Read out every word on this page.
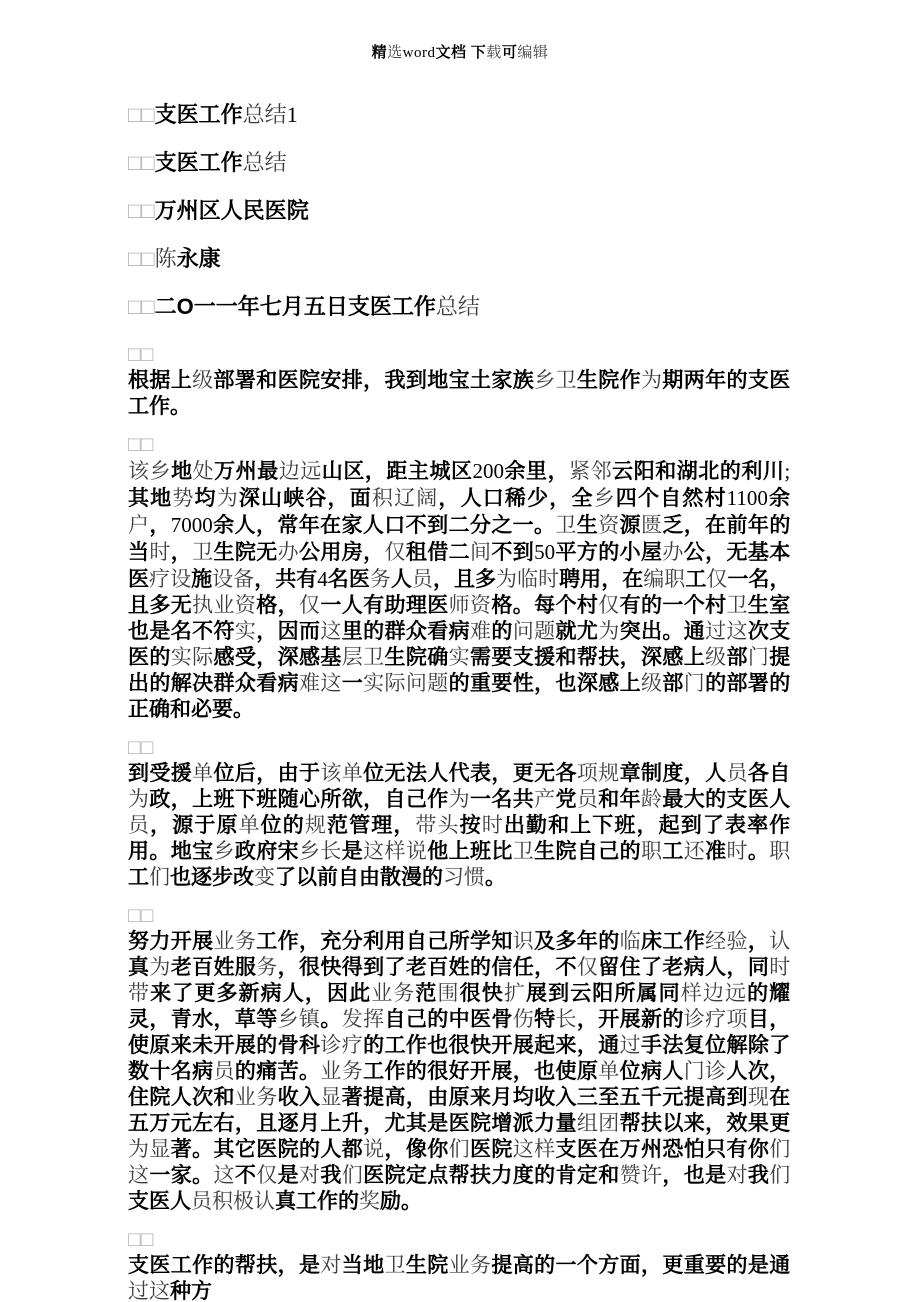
精选word文档 下载可编辑
□□支医工作总结1
□□支医工作总结
□□万州区人民医院
□□陈永康
□□二О一一年七月五日支医工作总结
□□
根据上级部署和医院安排，我到地宝土家族乡卫生院作为期两年的支医工作。
□□
该乡地处万州最边远山区，距主城区200余里，紧邻云阳和湖北的利川;其地势均为深山峡谷，面积辽阔，人口稀少，全乡四个自然村1100余户，7000余人，常年在家人口不到二分之一。卫生资源匮乏，在前年的当时，卫生院无办公用房，仅租借二间不到50平方的小屋办公，无基本医疗设施设备，共有4名医务人员，且多为临时聘用，在编职工仅一名，且多无执业资格，仅一人有助理医师资格。每个村仅有的一个村卫生室也是名不符实，因而这里的群众看病难的问题就尤为突出。通过这次支医的实际感受，深感基层卫生院确实需要支援和帮扶，深感上级部门提出的解决群众看病难这一实际问题的重要性，也深感上级部门的部署的正确和必要。
□□
到受援单位后，由于该单位无法人代表，更无各项规章制度，人员各自为政，上班下班随心所欲，自己作为一名共产党员和年龄最大的支医人员，源于原单位的规范管理，带头按时出勤和上下班，起到了表率作用。地宝乡政府宋乡长是这样说他上班比卫生院自己的职工还准时。职工们也逐步改变了以前自由散漫的习惯。
□□
努力开展业务工作，充分利用自己所学知识及多年的临床工作经验，认真为老百姓服务，很快得到了老百姓的信任，不仅留住了老病人，同时带来了更多新病人，因此业务范围很快扩展到云阳所属同样边远的耀灵，青水，草等乡镇。发挥自己的中医骨伤特长，开展新的诊疗项目，使原来未开展的骨科诊疗的工作也很快开展起来，通过手法复位解除了数十名病员的痛苦。业务工作的很好开展，也使原单位病人门诊人次，住院人次和业务收入显著提高，由原来月均收入三至五千元提高到现在五万元左右，且逐月上升，尤其是医院增派力量组团帮扶以来，效果更为显著。其它医院的人都说，像你们医院这样支医在万州恐怕只有你们这一家。这不仅是对我们医院定点帮扶力度的肯定和赞许，也是对我们支医人员积极认真工作的奖励。
□□
支医工作的帮扶，是对当地卫生院业务提高的一个方面，更重要的是通过这种方
